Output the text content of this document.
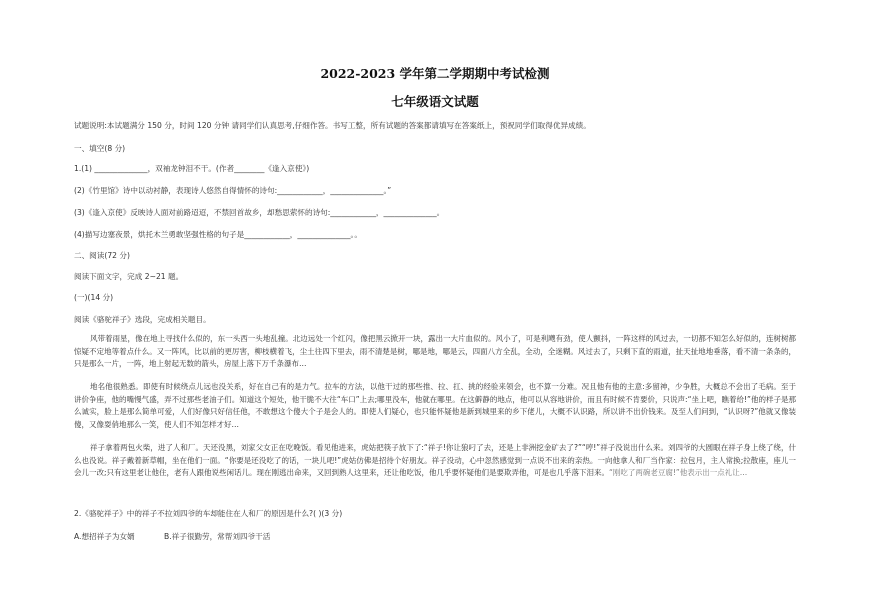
2022-2023 学年第二学期期中考试检测
七年级语文试题
试题说明:本试题满分 150 分，时间 120 分钟 请同学们认真思考,仔细作答。书写工整，所有试题的答案都请填写在答案纸上，预祝同学们取得优异成绩。
一、填空(8 分)
1.(1) ______________，双袖龙钟泪不干。(作者________《逢入京使》)
(2)《竹里馆》诗中以动衬静，表现诗人悠然自得情怀的诗句:____________，______________。”
(3)《逢入京使》反映诗人面对前路迢迢，不禁回首故乡，却愁思萦怀的诗句:____________，______________。
(4)描写边塞夜景，烘托木兰勇敢坚强性格的句子是____________，______________。。
二、阅读(72 分)
阅读下面文字，完成 2~21 题。
(一)(14 分)
阅读《骆驼祥子》选段，完成相关题目。
风带着雨星，像在地上寻找什么似的，东一头西一头地乱撞。北边远处一个红闪，像把黑云掀开一块，露出一大片血似的。风小了，可是利飕有劲，使人颤抖，一阵这样的风过去，一切都不知怎么好似的，连树树都惊疑不定地等着点什么。又一阵风，比以前的更厉害，柳枝横着飞，尘土往四下里去，雨不清楚是树，哪是地，哪是云，四面八方全乱，全动，全迷糊。风过去了，只剩下直的雨道，扯天扯地地垂落，看不清一条条的，只是那么一片，一阵，地上射起无数的箭头，房屋上落下万千条瀑布…
地名他很熟悉。即使有时候绕点儿远也没关系，好在自己有的是力气。拉车的方法，以他干过的那些推、拉、扛、挑的经验来领会，也不算一分难。况且他有他的主意:多留神，少争胜，大概总不会出了毛病。至于讲价争座，他的嘴慢气盛，弄不过那些老油子们。知道这个短处，他干脆不大往“车口”上去;哪里没车，他就在哪里。在这僻静的地点，他可以从容地讲价，而且有时候不肯要价，只说声:“坐上吧，瞧着给!”他的样子是那么诚实，脸上是那么简单可爱，人们好像只好信任他，不敢想这个傻大个子是会人的。即使人们疑心，也只能怀疑他是新到城里来的乡下佬儿，大概不认识路，所以讲不出价钱来。及至人们问到，“认识呀?”他就又像装傻，又像耍俏地那么一笑，使人们不知怎样才好…
祥子拿着两包火柴，进了人和厂。天还没黑，刘家父女正在吃晚饭。看见他进来，虎姑把筷子放下了:“祥子!你让狼叼了去，还是上非洲挖金矿去了?”“哼!”祥子没说出什么来。刘四爷的大圆眼在祥子身上绕了绕，什么也没说。祥子戴着新草帽，坐在他们一面。“你要是还没吃了的话，一块儿吧!”虎姑仿佛是招待个好朋友。祥子没动，心中忽然感觉到一点说不出来的亲热。一向他拿人和厂当作家：拉包月，主人常换;拉散座，座儿一会儿一改;只有这里老让他住，老有人跟他说些闲话儿。现在刚逃出命来，又回到熟人这里来，还让他吃饭，他几乎要怀疑他们是要欺弄他，可是也几乎落下泪来。“刚吃了两碗老豆腐!”他表示出一点礼让…
2.《骆驼祥子》中的祥子不拉刘四爷的车却能住在人和厂的原因是什么?( )(3 分)
A.想招祥子为女婿	B.祥子很勤劳，常帮刘四爷干活
